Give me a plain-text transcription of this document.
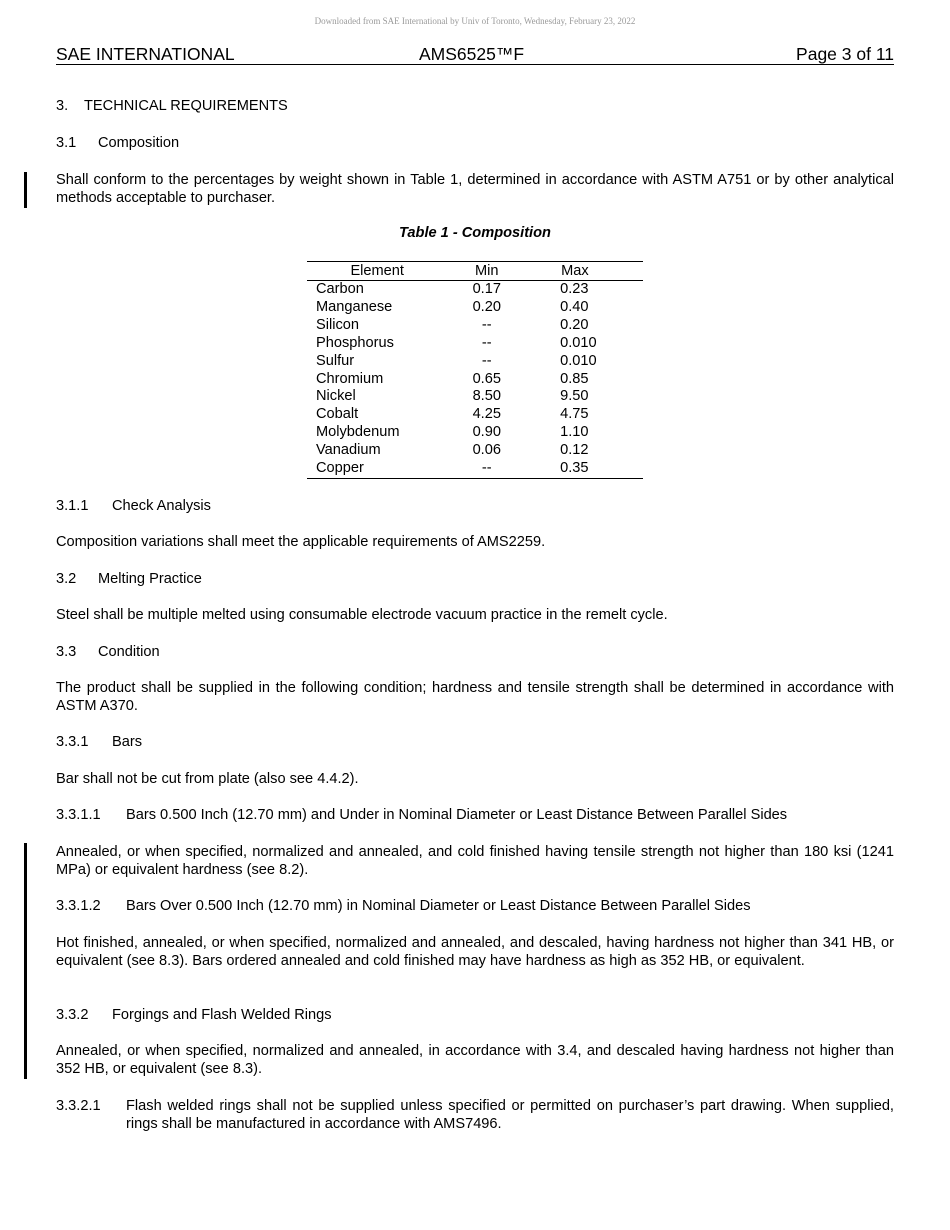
Downloaded from SAE International by Univ of Toronto, Wednesday, February 23, 2022
SAE INTERNATIONAL	AMS6525™F	Page 3 of 11
3. TECHNICAL REQUIREMENTS
3.1 Composition
Shall conform to the percentages by weight shown in Table 1, determined in accordance with ASTM A751 or by other analytical methods acceptable to purchaser.
3.1.1 Check Analysis
Composition variations shall meet the applicable requirements of AMS2259.
3.2 Melting Practice
Steel shall be multiple melted using consumable electrode vacuum practice in the remelt cycle.
3.3 Condition
The product shall be supplied in the following condition; hardness and tensile strength shall be determined in accordance with ASTM A370.
3.3.1 Bars
Bar shall not be cut from plate (also see 4.4.2).
3.3.1.1 Bars 0.500 Inch (12.70 mm) and Under in Nominal Diameter or Least Distance Between Parallel Sides
Annealed, or when specified, normalized and annealed, and cold finished having tensile strength not higher than 180 ksi (1241 MPa) or equivalent hardness (see 8.2).
3.3.1.2 Bars Over 0.500 Inch (12.70 mm) in Nominal Diameter or Least Distance Between Parallel Sides
Hot finished, annealed, or when specified, normalized and annealed, and descaled, having hardness not higher than 341 HB, or equivalent (see 8.3). Bars ordered annealed and cold finished may have hardness as high as 352 HB, or equivalent.
3.3.2 Forgings and Flash Welded Rings
Annealed, or when specified, normalized and annealed, in accordance with 3.4, and descaled having hardness not higher than 352 HB, or equivalent (see 8.3).
3.3.2.1 Flash welded rings shall not be supplied unless specified or permitted on purchaser’s part drawing. When supplied, rings shall be manufactured in accordance with AMS7496.
Table 1 - Composition
Element	Min	Max
Carbon	0.17	0.23
Manganese	0.20	0.40
Silicon	--	0.20
Phosphorus	--	0.010
Sulfur	--	0.010
Chromium	0.65	0.85
Nickel	8.50	9.50
Cobalt	4.25	4.75
Molybdenum	0.90	1.10
Vanadium	0.06	0.12
Copper	--	0.35
